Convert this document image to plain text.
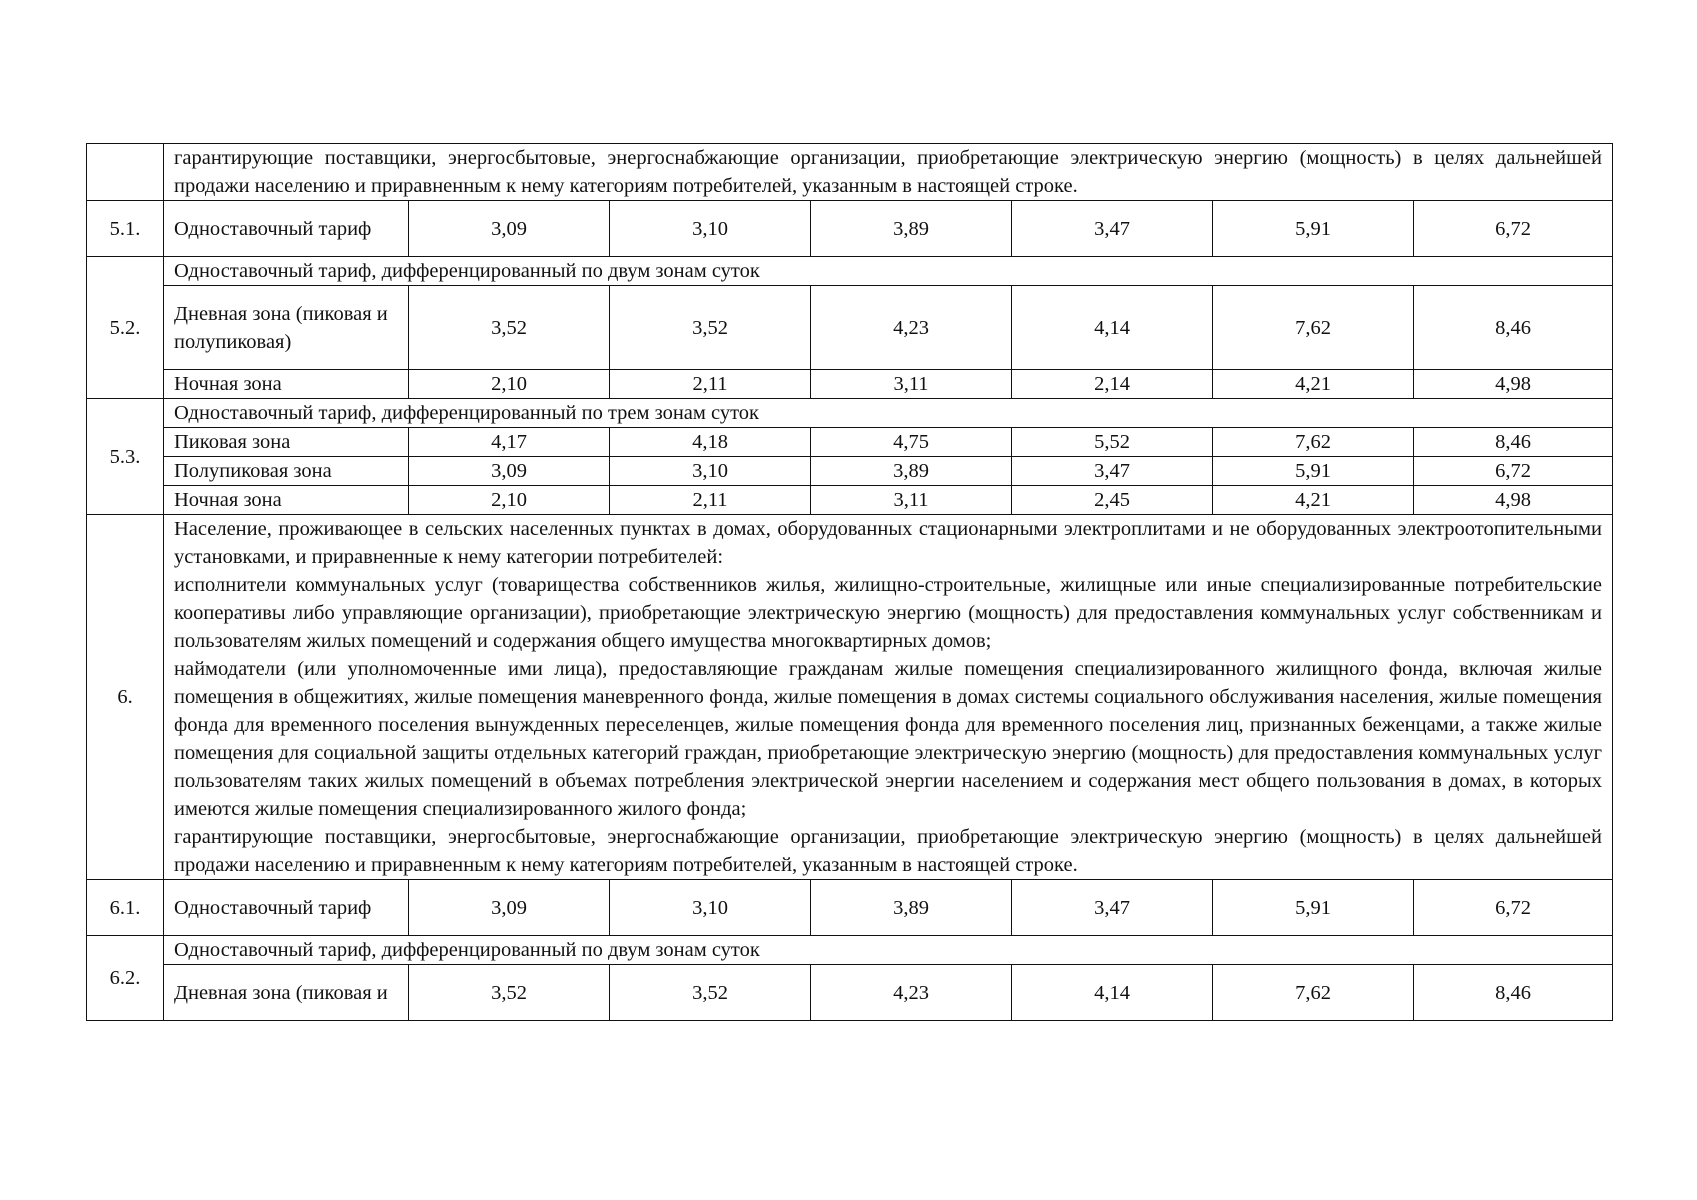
	гарантирующие поставщики, энергосбытовые, энергоснабжающие организации, приобретающие электрическую энергию (мощность) в целях дальнейшей продажи населению и приравненным к нему категориям потребителей, указанным в настоящей строке.						
5.1.	Одноставочный тариф	3,09	3,10	3,89	3,47	5,91	6,72
5.2.	Одноставочный тариф, дифференцированный по двум зонам суток						
	Дневная зона (пиковая и полупиковая)	3,52	3,52	4,23	4,14	7,62	8,46
	Ночная зона	2,10	2,11	3,11	2,14	4,21	4,98
5.3.	Одноставочный тариф, дифференцированный по трем зонам суток						
	Пиковая зона	4,17	4,18	4,75	5,52	7,62	8,46
	Полупиковая зона	3,09	3,10	3,89	3,47	5,91	6,72
	Ночная зона	2,10	2,11	3,11	2,45	4,21	4,98
6.	Население, проживающее в сельских населенных пунктах в домах, оборудованных стационарными электроплитами и не оборудованных электроотопительными установками, и приравненные к нему категории потребителей:

исполнители коммунальных услуг (товарищества собственников жилья, жилищно-строительные, жилищные или иные специализированные потребительские кооперативы либо управляющие организации), приобретающие электрическую энергию (мощность) для предоставления коммунальных услуг собственникам и пользователям жилых помещений и содержания общего имущества многоквартирных домов;

наймодатели (или уполномоченные ими лица), предоставляющие гражданам жилые помещения специализированного жилищного фонда, включая жилые помещения в общежитиях, жилые помещения маневренного фонда, жилые помещения в домах системы социального обслуживания населения, жилые помещения фонда для временного поселения вынужденных переселенцев, жилые помещения фонда для временного поселения лиц, признанных беженцами, а также жилые помещения для социальной защиты отдельных категорий граждан, приобретающие электрическую энергию (мощность) для предоставления коммунальных услуг пользователям таких жилых помещений в объемах потребления электрической энергии населением и содержания мест общего пользования в домах, в которых имеются жилые помещения специализированного жилого фонда;

гарантирующие поставщики, энергосбытовые, энергоснабжающие организации, приобретающие электрическую энергию (мощность) в целях дальнейшей продажи населению и приравненным к нему категориям потребителей, указанным в настоящей строке.						

6.1.	Одноставочный тариф	3,09	3,10	3,89	3,47	5,91	6,72
6.2.	Одноставочный тариф, дифференцированный по двум зонам суток						
	Дневная зона (пиковая и	3,52	3,52	4,23	4,14	7,62	8,46
